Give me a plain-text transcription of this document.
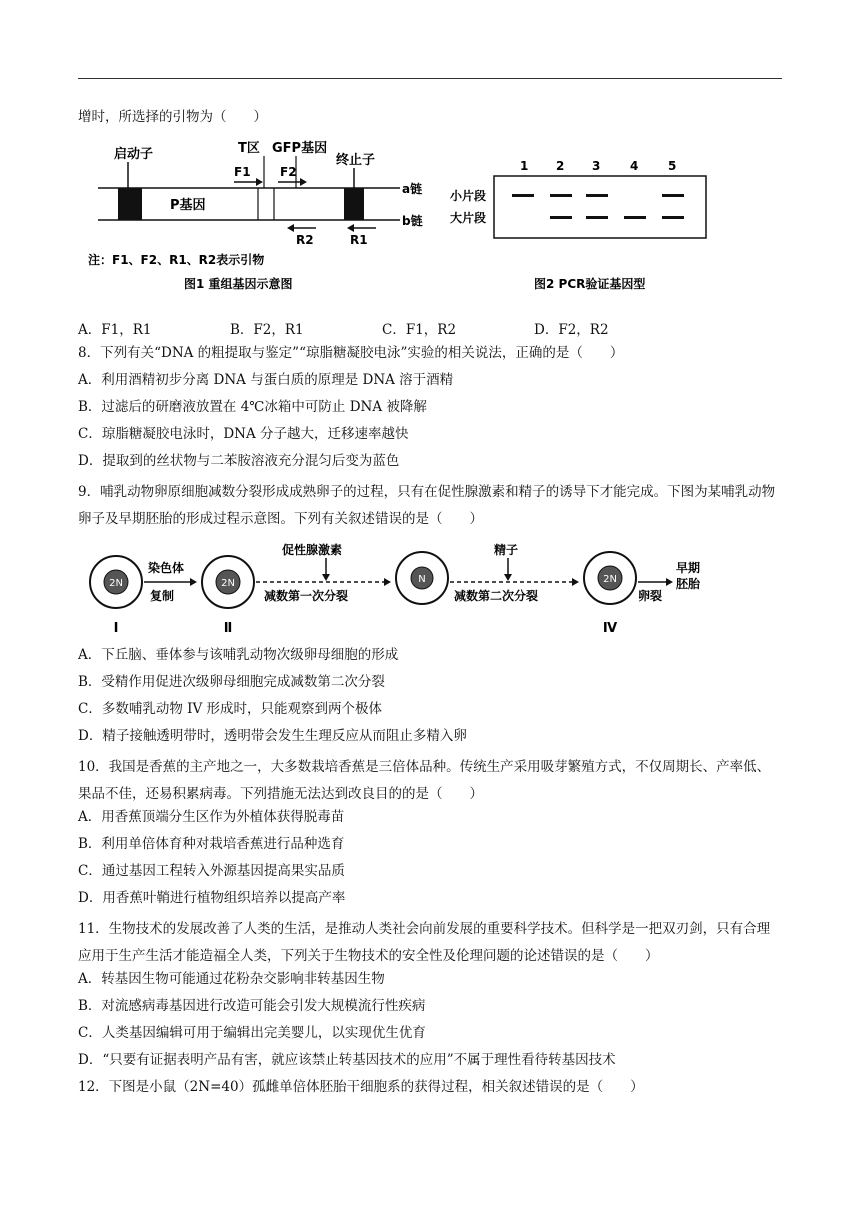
增时，所选择的引物为（　　）
启动子	T区 GFP基因
终止子
F1 F2
P基因
a链
b链
R2	R1
注：F1、F2、R1、R2表示引物
图1 重组基因示意图
1 2 3 4 5
小片段
大片段
图2 PCR验证基因型
A．F1，R1	B．F2，R1	C．F1，R2	D．F2，R2
8．下列有关“DNA 的粗提取与鉴定”“琼脂糖凝胶电泳”实验的相关说法，正确的是（　　）
A．利用酒精初步分离 DNA 与蛋白质的原理是 DNA 溶于酒精
B．过滤后的研磨液放置在 4℃冰箱中可防止 DNA 被降解
C．琼脂糖凝胶电泳时，DNA 分子越大，迁移速率越快
D．提取到的丝状物与二苯胺溶液充分混匀后变为蓝色
9．哺乳动物卵原细胞减数分裂形成成熟卵子的过程，只有在促性腺激素和精子的诱导下才能完成。下图为某哺乳动物卵子及早期胚胎的形成过程示意图。下列有关叙述错误的是（　　）
2N
I
染色体
复制
2N
Ⅱ
促性腺激素
减数第一次分裂
N
精子
减数第二次分裂
2N
Ⅳ
卵裂
早期
胚胎
A．下丘脑、垂体参与该哺乳动物次级卵母细胞的形成
B．受精作用促进次级卵母细胞完成减数第二次分裂
C．多数哺乳动物 IV 形成时，只能观察到两个极体
D．精子接触透明带时，透明带会发生生理反应从而阻止多精入卵
10．我国是香蕉的主产地之一，大多数栽培香蕉是三倍体品种。传统生产采用吸芽繁殖方式，不仅周期长、产率低、果品不佳，还易积累病毒。下列措施无法达到改良目的的是（　　）
A．用香蕉顶端分生区作为外植体获得脱毒苗
B．利用单倍体育种对栽培香蕉进行品种选育
C．通过基因工程转入外源基因提高果实品质
D．用香蕉叶鞘进行植物组织培养以提高产率
11．生物技术的发展改善了人类的生活，是推动人类社会向前发展的重要科学技术。但科学是一把双刃剑，只有合理应用于生产生活才能造福全人类，下列关于生物技术的安全性及伦理问题的论述错误的是（　　）
A．转基因生物可能通过花粉杂交影响非转基因生物
B．对流感病毒基因进行改造可能会引发大规模流行性疾病
C．人类基因编辑可用于编辑出完美婴儿，以实现优生优育
D．“只要有证据表明产品有害，就应该禁止转基因技术的应用”不属于理性看待转基因技术
12．下图是小鼠（2N=40）孤雌单倍体胚胎干细胞系的获得过程，相关叙述错误的是（　　）
